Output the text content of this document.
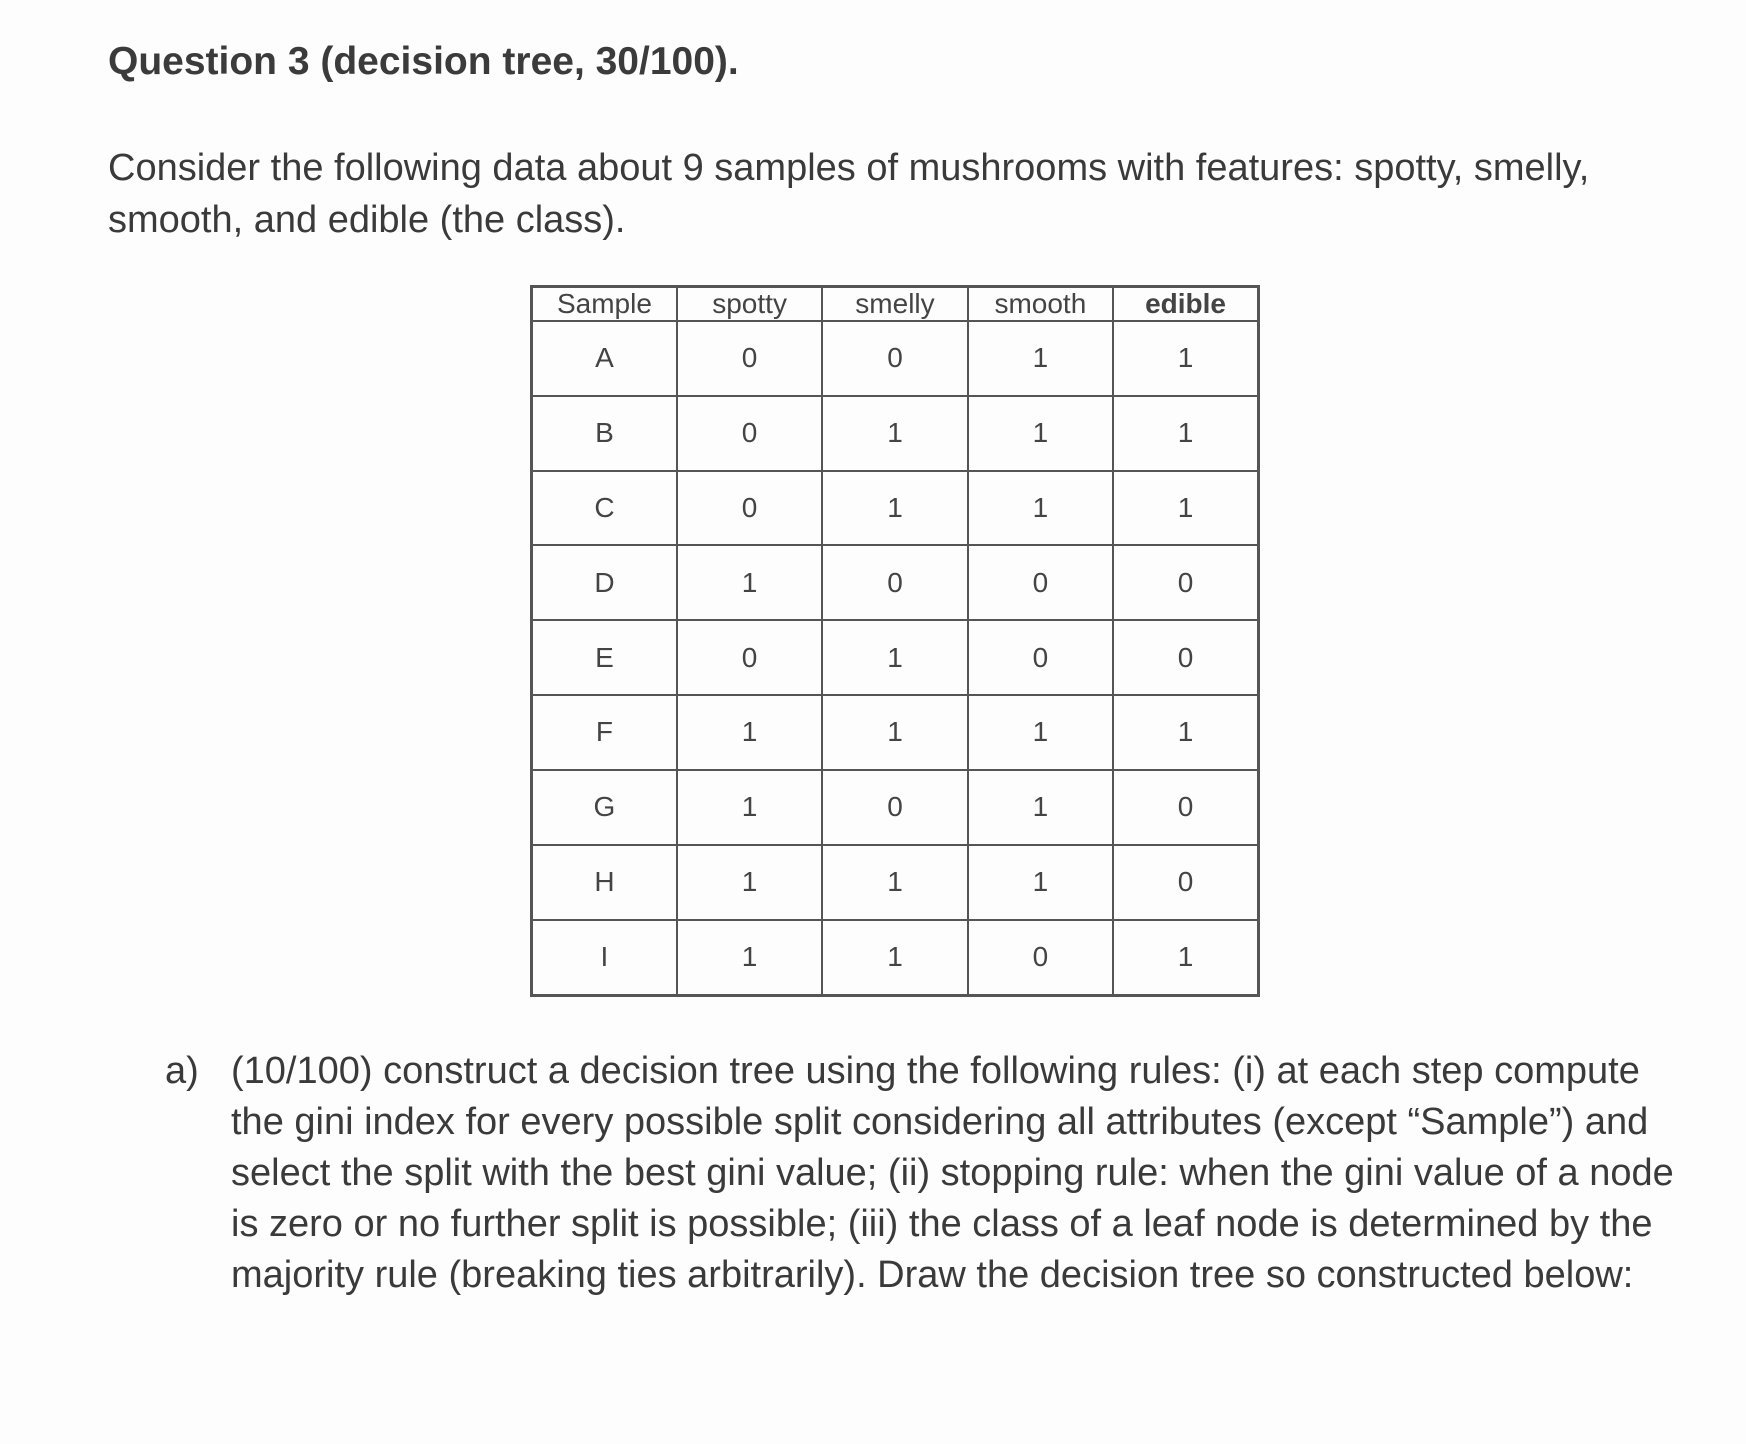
Question 3 (decision tree, 30/100).

Consider the following data about 9 samples of mushrooms with features: spotty, smelly, smooth, and edible (the class).

Sample	spotty	smelly	smooth	edible
A	0	0	1	1
B	0	1	1	1
C	0	1	1	1
D	1	0	0	0
E	0	1	0	0
F	1	1	1	1
G	1	0	1	0
H	1	1	1	0
I	1	1	0	1
a) (10/100) construct a decision tree using the following rules: (i) at each step compute the gini index for every possible split considering all attributes (except “Sample”) and select the split with the best gini value; (ii) stopping rule: when the gini value of a node is zero or no further split is possible; (iii) the class of a leaf node is determined by the majority rule (breaking ties arbitrarily). Draw the decision tree so constructed below:
